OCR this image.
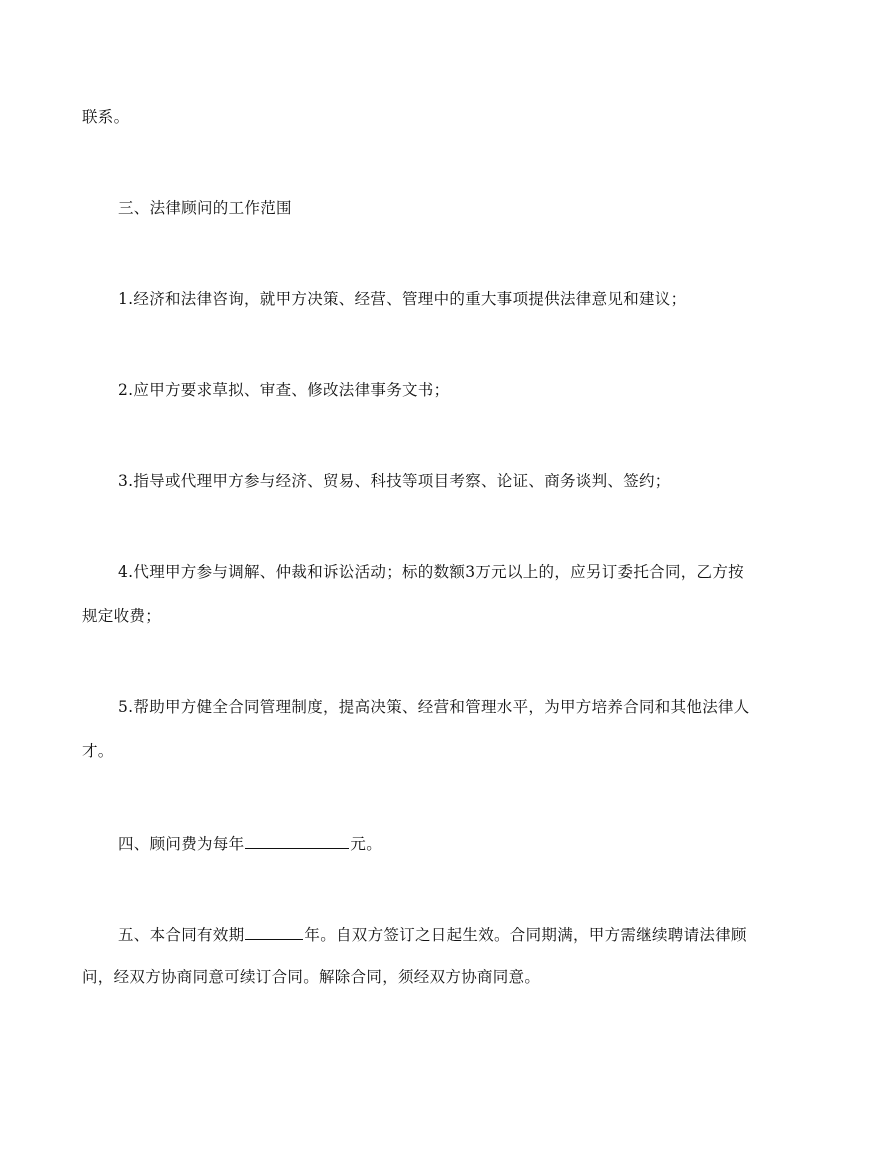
联系。
三、法律顾问的工作范围
1.经济和法律咨询，就甲方决策、经营、管理中的重大事项提供法律意见和建议；
2.应甲方要求草拟、审查、修改法律事务文书；
3.指导或代理甲方参与经济、贸易、科技等项目考察、论证、商务谈判、签约；
4.代理甲方参与调解、仲裁和诉讼活动；标的数额3万元以上的，应另订委托合同，乙方按
规定收费；
5.帮助甲方健全合同管理制度，提高决策、经营和管理水平，为甲方培养合同和其他法律人
才。
四、顾问费为每年	元。
五、本合同有效期	年。自双方签订之日起生效。合同期满，甲方需继续聘请法律顾
问，经双方协商同意可续订合同。解除合同，须经双方协商同意。
